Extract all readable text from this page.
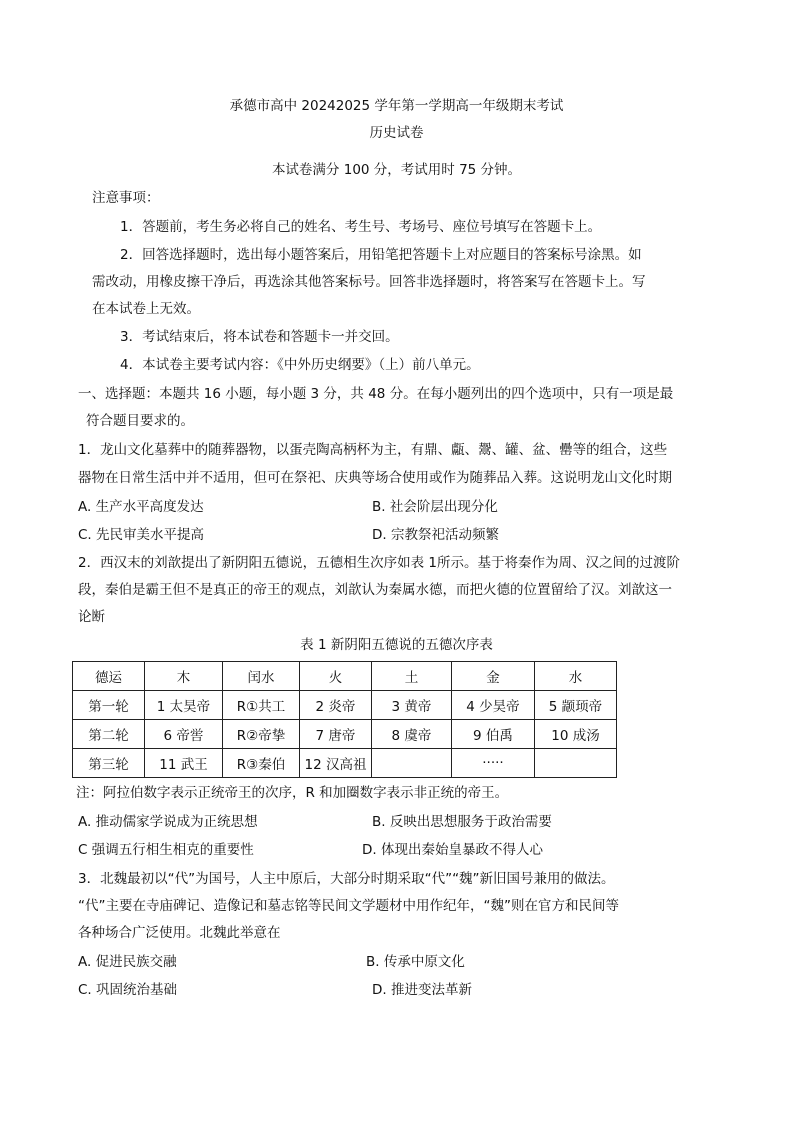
承德市高中 20242025 学年第一学期高一年级期末考试
历史试卷
本试卷满分 100 分，考试用时 75 分钟。
注意事项：
1．答题前，考生务必将自己的姓名、考生号、考场号、座位号填写在答题卡上。
2．回答选择题时，选出每小题答案后，用铅笔把答题卡上对应题目的答案标号涂黑。如
需改动，用橡皮擦干净后，再选涂其他答案标号。回答非选择题时，将答案写在答题卡上。写
在本试卷上无效。
3．考试结束后，将本试卷和答题卡一并交回。
4．本试卷主要考试内容：《中外历史纲要》（上）前八单元。
一、选择题：本题共 16 小题，每小题 3 分，共 48 分。在每小题列出的四个选项中，只有一项是最
符合题目要求的。
1．龙山文化墓葬中的随葬器物，以蛋壳陶高柄杯为主，有鼎、甗、鬶、罐、盆、罍等的组合，这些
器物在日常生活中并不适用，但可在祭祀、庆典等场合使用或作为随葬品入葬。这说明龙山文化时期
A. 生产水平高度发达	B. 社会阶层出现分化
C. 先民审美水平提高	D. 宗教祭祀活动频繁
2．西汉末的刘歆提出了新阴阳五德说，五德相生次序如表 1所示。基于将秦作为周、汉之间的过渡阶
段，秦伯是霸王但不是真正的帝王的观点，刘歆认为秦属水德，而把火德的位置留给了汉。刘歆这一
论断
表 1 新阴阳五德说的五德次序表
德运	木	闰水	火	土	金	水
第一轮	1 太昊帝	R①共工	2 炎帝	3 黄帝	4 少昊帝	5 颛顼帝
第二轮	6 帝喾	R②帝挚	7 唐帝	8 虞帝	9 伯禹	10 成汤
第三轮	11 武王	R③秦伯	12 汉高祖		·····	
注：阿拉伯数字表示正统帝王的次序，R 和加圈数字表示非正统的帝王。
A. 推动儒家学说成为正统思想	B. 反映出思想服务于政治需要
C 强调五行相生相克的重要性	D. 体现出秦始皇暴政不得人心
3．北魏最初以“代”为国号，人主中原后，大部分时期采取“代”“魏”新旧国号兼用的做法。
“代”主要在寺庙碑记、造像记和墓志铭等民间文学题材中用作纪年，“魏”则在官方和民间等
各种场合广泛使用。北魏此举意在
A. 促进民族交融	B. 传承中原文化
C. 巩固统治基础	D. 推进变法革新
